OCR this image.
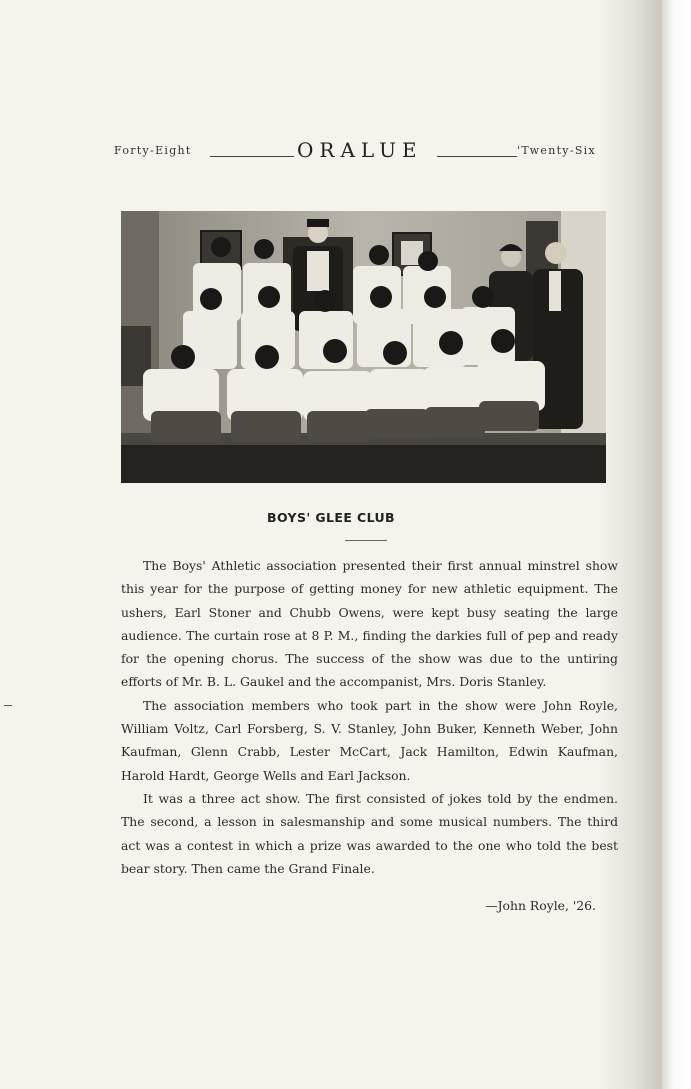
Forty-Eight	ORALUE	'Twenty-Six
BOYS' GLEE CLUB

The Boys' Athletic association presented their first annual minstrel show this year for the purpose of getting money for new athletic equipment. The ushers, Earl Stoner and Chubb Owens, were kept busy seating the large audience. The curtain rose at 8 P. M., finding the darkies full of pep and ready for the opening chorus. The success of the show was due to the untiring efforts of Mr. B. L. Gaukel and the accompanist, Mrs. Doris Stanley.

The association members who took part in the show were John Royle, William Voltz, Carl Forsberg, S. V. Stanley, John Buker, Kenneth Weber, John Kaufman, Glenn Crabb, Lester McCart, Jack Hamilton, Edwin Kaufman, Harold Hardt, George Wells and Earl Jackson.

It was a three act show. The first consisted of jokes told by the endmen. The second, a lesson in salesmanship and some musical numbers. The third act was a contest in which a prize was awarded to the one who told the best bear story. Then came the Grand Finale.

—John Royle, '26.
